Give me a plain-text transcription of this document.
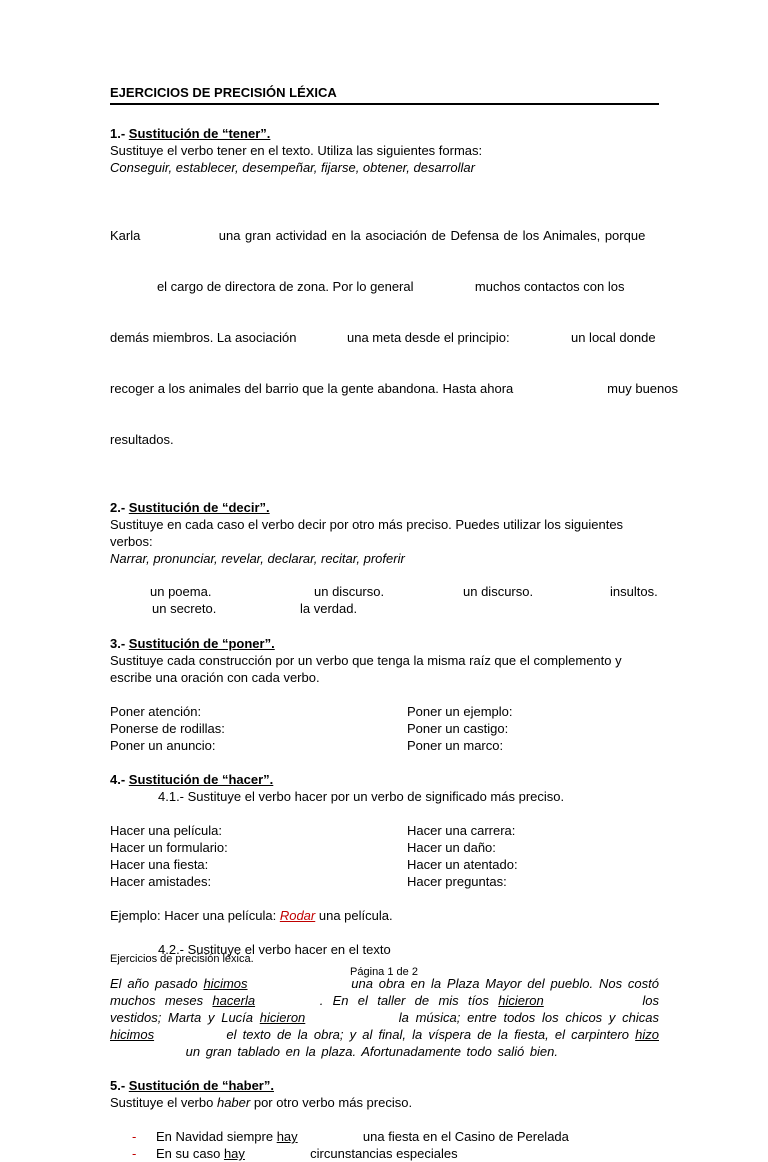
EJERCICIOS DE PRECISIÓN LÉXICA

1.- Sustitución de “tener”.

Sustituye el verbo tener en el texto. Utiliza las siguientes formas:

Conseguir, establecer, desempeñar, fijarse, obtener, desarrollar

Karla                 una gran actividad en la asociación de Defensa de los Animales, porque

el cargo de directora de zona. Por lo general                 muchos contactos con los

demás miembros. La asociación              una meta desde el principio:                 un local donde

recoger a los animales del barrio que la gente abandona. Hasta ahora                          muy buenos

resultados.

2.- Sustitución de “decir”.

Sustituye en cada caso el verbo decir por otro más preciso. Puedes utilizar los siguientes verbos:

Narrar, pronunciar, revelar, declarar, recitar, proferir

un poema.	un discurso.	un discurso.	insultos.
un secreto.	la verdad.

3.- Sustitución de “poner”.

Sustituye cada construcción por un verbo que tenga la misma raíz que el complemento y escribe una oración con cada verbo.

Poner atención:	Poner un ejemplo:
Ponerse de rodillas:	Poner un castigo:
Poner un anuncio:	Poner un marco:

4.- Sustitución de “hacer”.

4.1.- Sustituye el verbo hacer por un verbo de significado más preciso.

Hacer una película:	Hacer una carrera:
Hacer un formulario:	Hacer un daño:
Hacer una fiesta:	Hacer un atentado:
Hacer amistades:	Hacer preguntas:

Ejemplo: Hacer una película: Rodar una película.

4.2.- Sustituye el verbo hacer en el texto

El año pasado hicimos	una obra en la Plaza Mayor del pueblo. Nos costó muchos meses hacerla	. En el taller de mis tíos hicieron	los vestidos; Marta y Lucía hicieron	la música; entre todos los chicos y chicas hicimos	el texto de la obra; y al final, la víspera de la fiesta, el carpintero hizo  un gran tablado en la plaza. Afortunadamente todo salió bien.

5.- Sustitución de “haber”.

Sustituye el verbo haber por otro verbo más preciso.

- En Navidad siempre hay	una fiesta en el Casino de Perelada
- En su caso hay	circunstancias especiales
Ejercicios de precisión léxica.
Página 1 de 2
